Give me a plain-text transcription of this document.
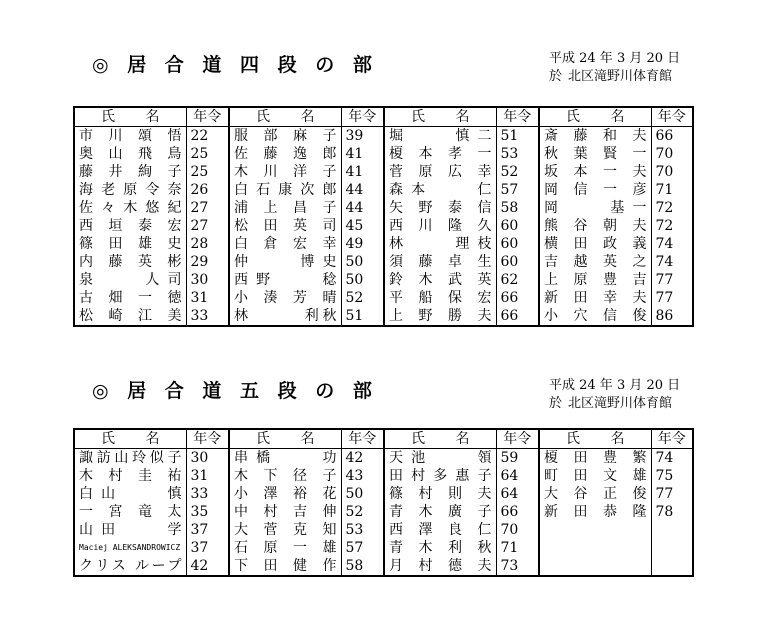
◎ 居 合 道 四 段 の 部	平成 24 年 3 月 20 日
於 北区滝野川体育館
氏　　名	年令	氏　　名	年令	氏　　名	年令	氏　　名	年令
市川頌悟	22	服部麻子	39	堀　　慎二	51	斎藤和夫	66
奥山飛鳥	25	佐藤逸郎	41	榎本孝一	53	秋葉賢一	70
藤井絢子	25	木川洋子	41	菅原広幸	52	坂本一夫	70
海老原令奈	26	白石康次郎	44	森本　　仁	57	岡信一彦	71
佐々木悠紀	27	浦上昌子	44	矢野泰信	58	岡　　基一	72
西垣泰宏	27	松田英司	45	西川隆久	60	熊谷朝夫	72
篠田雄史	28	白倉宏幸	49	林　　理枝	60	横田政義	74
内藤英彬	29	仲　　博史	50	須藤卓生	60	吉越英之	74
泉　　人司	30	西野　　稔	50	鈴木武英	62	上原豊吉	77
古畑一徳	31	小湊芳晴	52	平船保宏	66	新田幸夫	77
松崎江美	33	林　　　利秋	51	上野勝夫	66	小穴信俊	86
◎ 居 合 道 五 段 の 部	平成 24 年 3 月 20 日
於 北区滝野川体育館
氏　　名	年令	氏　　名	年令	氏　　名	年令	氏　　名	年令
諏訪山玲似子	30	串橋　　功	42	天池　　領	59	榎田豊繁	74
木村圭祐	31	木下径子	43	田村多惠子	64	町田文雄	75
白山　　慎	33	小澤裕花	50	篠村則夫	64	大谷正俊	77
一宮竜太	35	中村吉伸	52	青木廣子	66	新田恭隆	78
山田　　学	37	大菅克知	53	西澤良仁	70		
Maciej ALEKSANDROWICZ	37	石原一雄	57	青木利秋	71		
クリス ループ	42	下田健作	58	月村德夫	73		
